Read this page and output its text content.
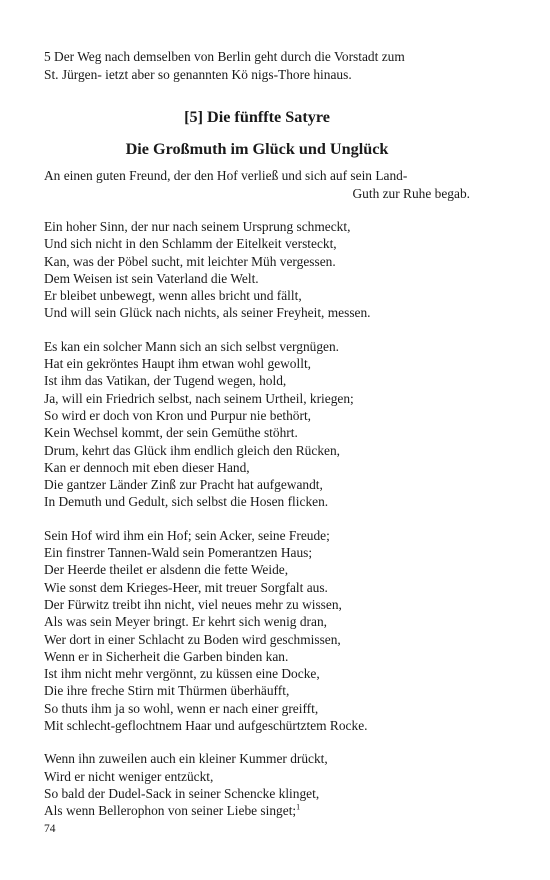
5 Der Weg nach demselben von Berlin geht durch die Vorstadt zum
St. Jürgen- ietzt aber so genannten Kö nigs-Thore hinaus.
[5] Die fünffte Satyre
Die Großmuth im Glück und Unglück
An einen guten Freund, der den Hof verließ und sich auf sein Land-
Guth zur Ruhe begab.
Ein hoher Sinn, der nur nach seinem Ursprung schmeckt,
Und sich nicht in den Schlamm der Eitelkeit versteckt,
Kan, was der Pöbel sucht, mit leichter Müh vergessen.
Dem Weisen ist sein Vaterland die Welt.
Er bleibet unbewegt, wenn alles bricht und fällt,
Und will sein Glück nach nichts, als seiner Freyheit, messen.
Es kan ein solcher Mann sich an sich selbst vergnügen.
Hat ein gekröntes Haupt ihm etwan wohl gewollt,
Ist ihm das Vatikan, der Tugend wegen, hold,
Ja, will ein Friedrich selbst, nach seinem Urtheil, kriegen;
So wird er doch von Kron und Purpur nie bethört,
Kein Wechsel kommt, der sein Gemüthe stöhrt.
Drum, kehrt das Glück ihm endlich gleich den Rücken,
Kan er dennoch mit eben dieser Hand,
Die gantzer Länder Zinß zur Pracht hat aufgewandt,
In Demuth und Gedult, sich selbst die Hosen flicken.
Sein Hof wird ihm ein Hof; sein Acker, seine Freude;
Ein finstrer Tannen-Wald sein Pomerantzen Haus;
Der Heerde theilet er alsdenn die fette Weide,
Wie sonst dem Krieges-Heer, mit treuer Sorgfalt aus.
Der Fürwitz treibt ihn nicht, viel neues mehr zu wissen,
Als was sein Meyer bringt. Er kehrt sich wenig dran,
Wer dort in einer Schlacht zu Boden wird geschmissen,
Wenn er in Sicherheit die Garben binden kan.
Ist ihm nicht mehr vergönnt, zu küssen eine Docke,
Die ihre freche Stirn mit Thürmen überhäufft,
So thuts ihm ja so wohl, wenn er nach einer greifft,
Mit schlecht-geflochtnem Haar und aufgeschürtztem Rocke.
Wenn ihn zuweilen auch ein kleiner Kummer drückt,
Wird er nicht weniger entzückt,
So bald der Dudel-Sack in seiner Schencke klinget,
Als wenn Bellerophon von seiner Liebe singet;$^1$
74
